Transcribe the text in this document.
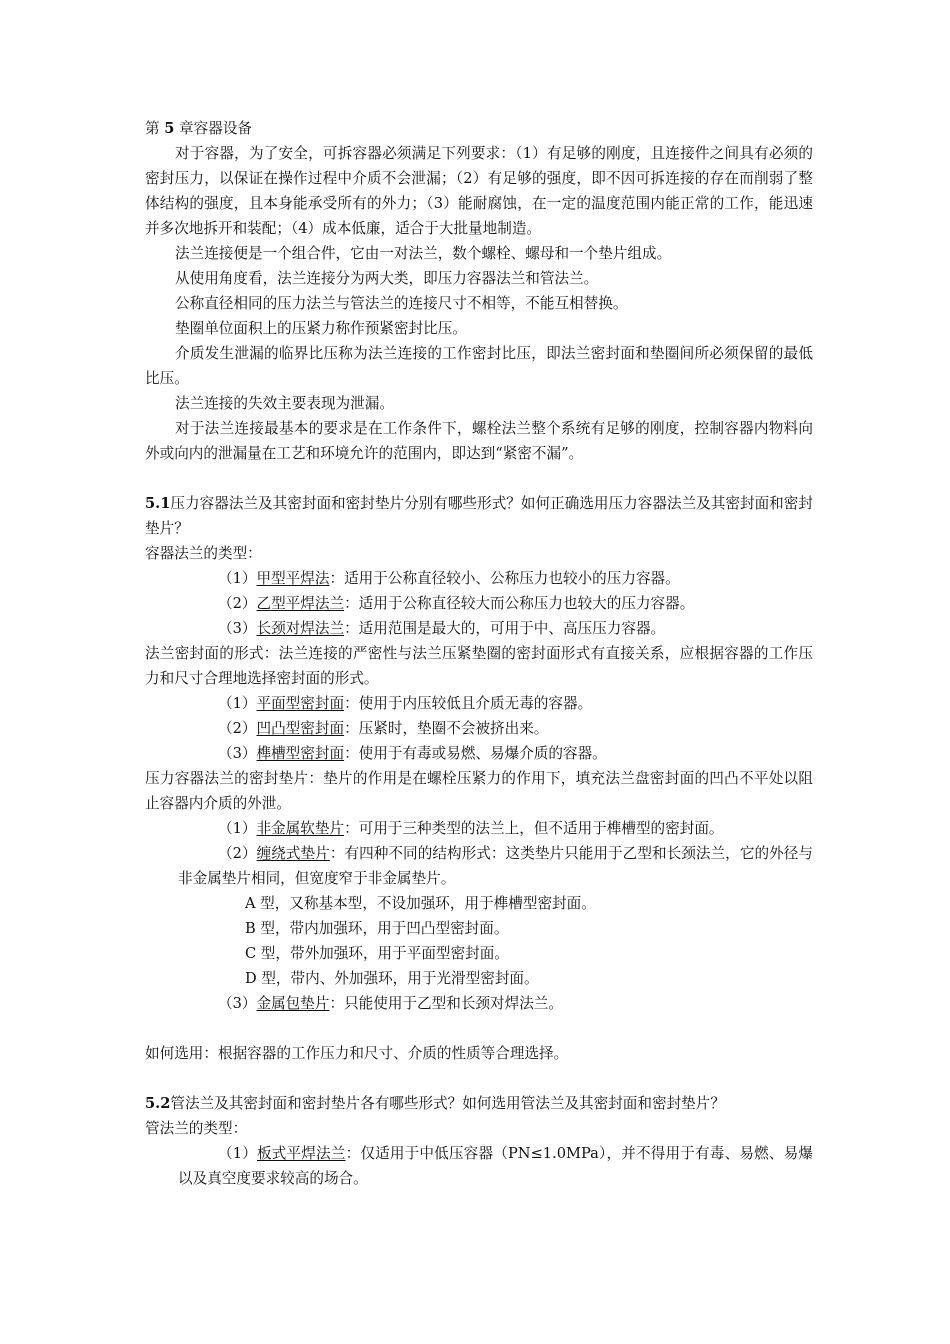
第 5 章容器设备

对于容器，为了安全，可拆容器必须满足下列要求：（1）有足够的刚度，且连接件之间具有必须的密封压力，以保证在操作过程中介质不会泄漏；（2）有足够的强度，即不因可拆连接的存在而削弱了整体结构的强度，且本身能承受所有的外力；（3）能耐腐蚀，在一定的温度范围内能正常的工作，能迅速并多次地拆开和装配；（4）成本低廉，适合于大批量地制造。

法兰连接便是一个组合件，它由一对法兰，数个螺栓、螺母和一个垫片组成。

从使用角度看，法兰连接分为两大类，即压力容器法兰和管法兰。

公称直径相同的压力法兰与管法兰的连接尺寸不相等，不能互相替换。

垫圈单位面积上的压紧力称作预紧密封比压。

介质发生泄漏的临界比压称为法兰连接的工作密封比压，即法兰密封面和垫圈间所必须保留的最低比压。

法兰连接的失效主要表现为泄漏。

对于法兰连接最基本的要求是在工作条件下，螺栓法兰整个系统有足够的刚度，控制容器内物料向外或向内的泄漏量在工艺和环境允许的范围内，即达到“紧密不漏”。

5.1压力容器法兰及其密封面和密封垫片分别有哪些形式？如何正确选用压力容器法兰及其密封面和密封垫片？

容器法兰的类型：

（1）甲型平焊法：适用于公称直径较小、公称压力也较小的压力容器。

（2）乙型平焊法兰：适用于公称直径较大而公称压力也较大的压力容器。

（3）长颈对焊法兰：适用范围是最大的，可用于中、高压压力容器。

法兰密封面的形式：法兰连接的严密性与法兰压紧垫圈的密封面形式有直接关系，应根据容器的工作压力和尺寸合理地选择密封面的形式。

（1）平面型密封面：使用于内压较低且介质无毒的容器。

（2）凹凸型密封面：压紧时，垫圈不会被挤出来。

（3）榫槽型密封面：使用于有毒或易燃、易爆介质的容器。

压力容器法兰的密封垫片：垫片的作用是在螺栓压紧力的作用下，填充法兰盘密封面的凹凸不平处以阻止容器内介质的外泄。

（1）非金属软垫片：可用于三种类型的法兰上，但不适用于榫槽型的密封面。

（2）缠绕式垫片：有四种不同的结构形式：这类垫片只能用于乙型和长颈法兰，它的外径与非金属垫片相同，但宽度窄于非金属垫片。

A 型，又称基本型，不设加强环，用于榫槽型密封面。

B 型，带内加强环，用于凹凸型密封面。

C 型，带外加强环，用于平面型密封面。

D 型，带内、外加强环，用于光滑型密封面。

（3）金属包垫片：只能使用于乙型和长颈对焊法兰。

如何选用：根据容器的工作压力和尺寸、介质的性质等合理选择。

5.2管法兰及其密封面和密封垫片各有哪些形式？如何选用管法兰及其密封面和密封垫片？

管法兰的类型：

（1）板式平焊法兰：仅适用于中低压容器（PN≤1.0MPa），并不得用于有毒、易燃、易爆以及真空度要求较高的场合。
